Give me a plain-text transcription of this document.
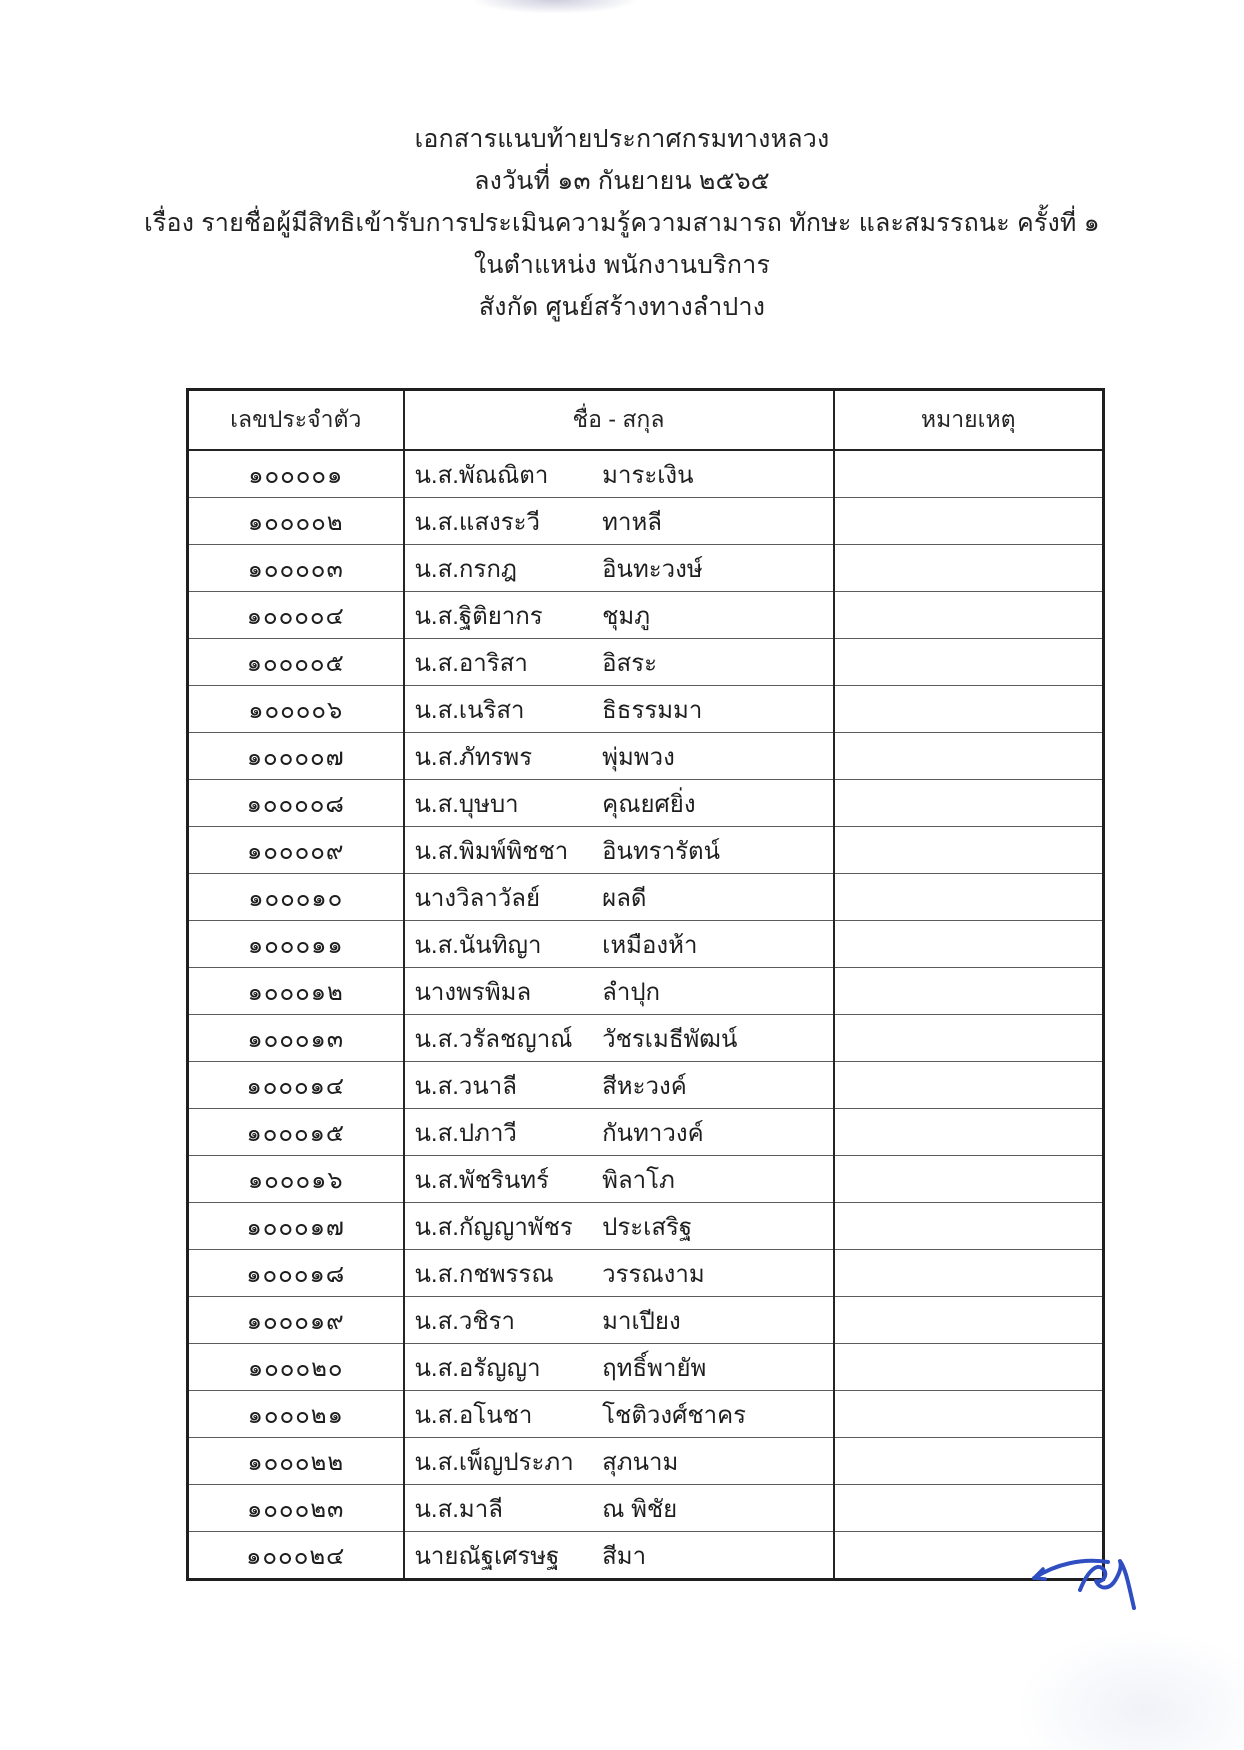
เอกสารแนบท้ายประกาศกรมทางหลวง
ลงวันที่ ๑๓ กันยายน ๒๕๖๕
เรื่อง รายชื่อผู้มีสิทธิเข้ารับการประเมินความรู้ความสามารถ ทักษะ และสมรรถนะ ครั้งที่ ๑
ในตำแหน่ง พนักงานบริการ
สังกัด ศูนย์สร้างทางลำปาง
เลขประจำตัว	ชื่อ - สกุล	หมายเหตุ
๑๐๐๐๐๑	น.ส.พัณณิตา มาระเงิน	
๑๐๐๐๐๒	น.ส.แสงระวี ทาหลี	
๑๐๐๐๐๓	น.ส.กรกฎ อินทะวงษ์	
๑๐๐๐๐๔	น.ส.ฐิติยากร ชุมภู	
๑๐๐๐๐๕	น.ส.อาริสา อิสระ	
๑๐๐๐๐๖	น.ส.เนริสา ธิธรรมมา	
๑๐๐๐๐๗	น.ส.ภัทรพร พุ่มพวง	
๑๐๐๐๐๘	น.ส.บุษบา คุณยศยิ่ง	
๑๐๐๐๐๙	น.ส.พิมพ์พิชชา อินทรารัตน์	
๑๐๐๐๑๐	นางวิลาวัลย์ ผลดี	
๑๐๐๐๑๑	น.ส.นันทิญา เหมืองห้า	
๑๐๐๐๑๒	นางพรพิมล ลำปุก	
๑๐๐๐๑๓	น.ส.วรัลชญาณ์ วัชรเมธีพัฒน์	
๑๐๐๐๑๔	น.ส.วนาลี สีหะวงค์	
๑๐๐๐๑๕	น.ส.ปภาวี กันทาวงค์	
๑๐๐๐๑๖	น.ส.พัชรินทร์ พิลาโภ	
๑๐๐๐๑๗	น.ส.กัญญาพัชร ประเสริฐ	
๑๐๐๐๑๘	น.ส.กชพรรณ วรรณงาม	
๑๐๐๐๑๙	น.ส.วชิรา มาเปียง	
๑๐๐๐๒๐	น.ส.อรัญญา ฤทธิ์พายัพ	
๑๐๐๐๒๑	น.ส.อโนชา โชติวงศ์ชาคร	
๑๐๐๐๒๒	น.ส.เพ็ญประภา สุภนาม	
๑๐๐๐๒๓	น.ส.มาลี ณ พิชัย	
๑๐๐๐๒๔	นายณัฐเศรษฐ สีมา	
